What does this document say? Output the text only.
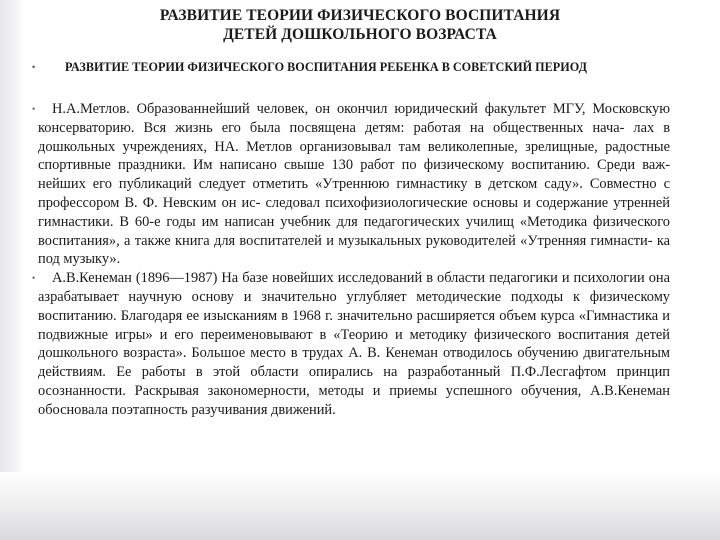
РАЗВИТИЕ ТЕОРИИ ФИЗИЧЕСКОГО ВОСПИТАНИЯ
ДЕТЕЙ ДОШКОЛЬНОГО ВОЗРАСТА
• РАЗВИТИЕ ТЕОРИИ ФИЗИЧЕСКОГО ВОСПИТАНИЯ РЕБЕНКА В СОВЕТСКИЙ ПЕРИОД

• Н.А.Метлов. Образованнейший человек, он окончил юридический факультет МГУ, Московскую консерваторию. Вся жизнь его была посвящена детям: работая на общественных нача- лах в дошкольных учреждениях, НА. Метлов организовывал там великолепные, зрелищные, радостные спортивные праздники. Им написано свыше 130 работ по физическому воспитанию. Среди важ- нейших его публикаций следует отметить «Утреннюю гимнастику в детском саду». Совместно с профессором В. Ф. Невским он ис- следовал психофизиологические основы и содержание утренней гимнастики. В 60-е годы им написан учебник для педагогических училищ «Методика физического воспитания», а также книга для воспитателей и музыкальных руководителей «Утренняя гимнасти- ка под музыку».

• А.В.Кенеман (1896—1987) На базе новейших исследований в области педагогики и психологии она азрабатывает научную основу и значительно углубляет методические подходы к физическому воспитанию. Благодаря ее изысканиям в 1968 г. значительно расширяется объем курса «Гимнастика и подвижные игры» и его переименовывают в «Теорию и методику физического воспитания детей дошкольного возраста». Большое место в трудах А. В. Кенеман отводилось обучению двигательным действиям. Ее работы в этой области опирались на разработанный П.Ф.Лесгафтом принцип осознанности. Раскрывая закономерности, методы и приемы успешного обучения, А.В.Кенеман обосновала поэтапность разучивания движений.
